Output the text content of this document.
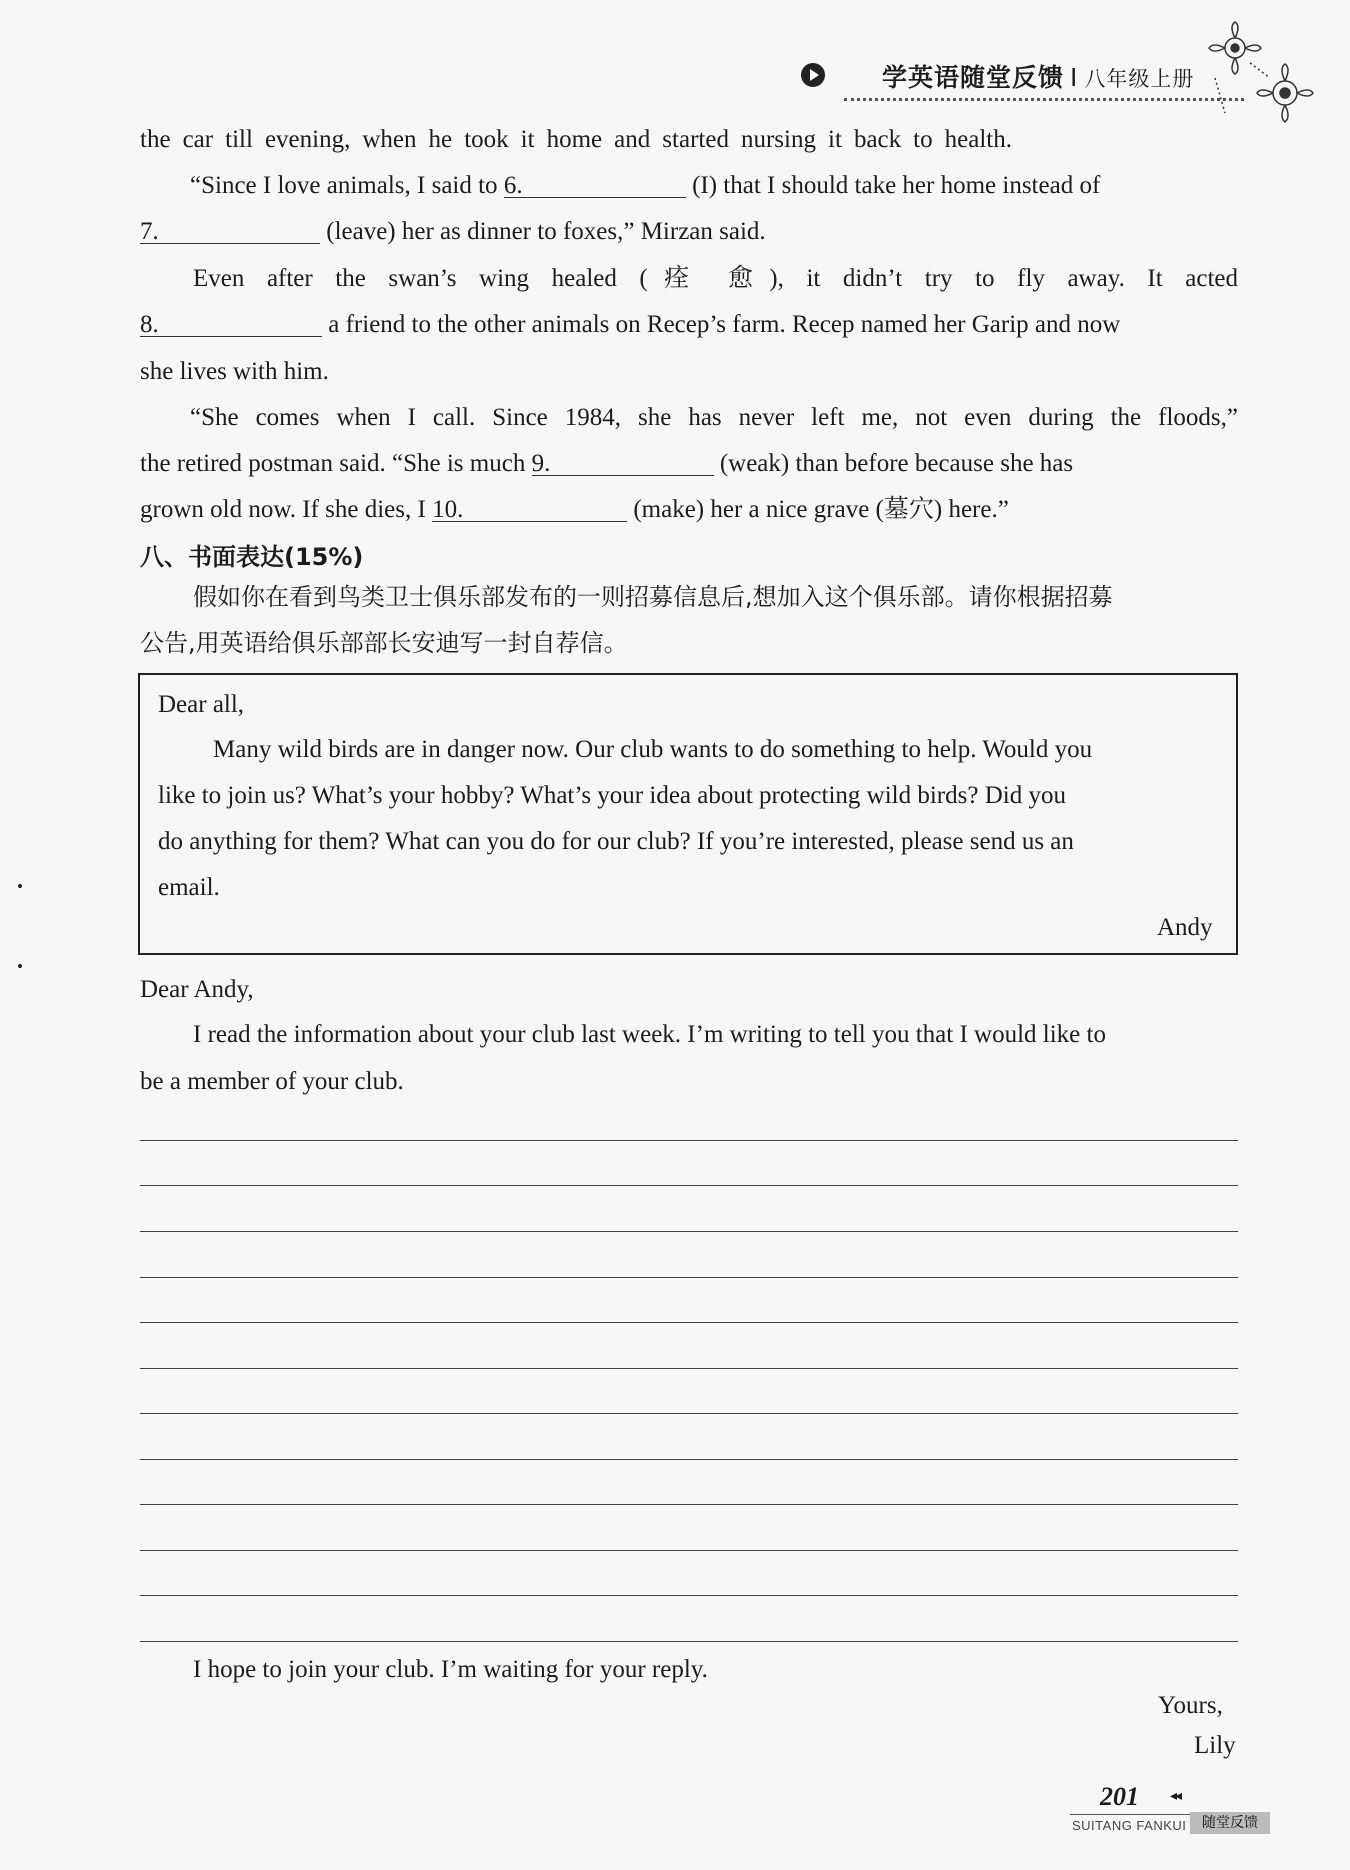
学英语随堂反馈 I 八年级上册
the car till evening, when he took it home and started nursing it back to health.
“Since I love animals, I said to 6.	(I) that I should take her home instead of
7.	(leave) her as dinner to foxes,” Mirzan said.
Even after the swan’s wing healed (痊 愈), it didn’t try to fly away. It acted
8.	a friend to the other animals on Recep’s farm. Recep named her Garip and now
she lives with him.
“She comes when I call. Since 1984, she has never left me, not even during the floods,”
the retired postman said. “She is much 9.	(weak) than before because she has
grown old now. If she dies, I 10.	(make) her a nice grave (墓穴) here.”
八、书面表达(15%)
假如你在看到鸟类卫士俱乐部发布的一则招募信息后,想加入这个俱乐部。请你根据招募
公告,用英语给俱乐部部长安迪写一封自荐信。
Dear all,
Many wild birds are in danger now. Our club wants to do something to help. Would you
like to join us? What’s your hobby? What’s your idea about protecting wild birds? Did you
do anything for them? What can you do for our club? If you’re interested, please send us an
email.
Andy
Dear Andy,
I read the information about your club last week. I’m writing to tell you that I would like to
be a member of your club.
I hope to join your club. I’m waiting for your reply.
Yours,
Lily
201 ◂◂
SUITANG FANKUI	随堂反馈
